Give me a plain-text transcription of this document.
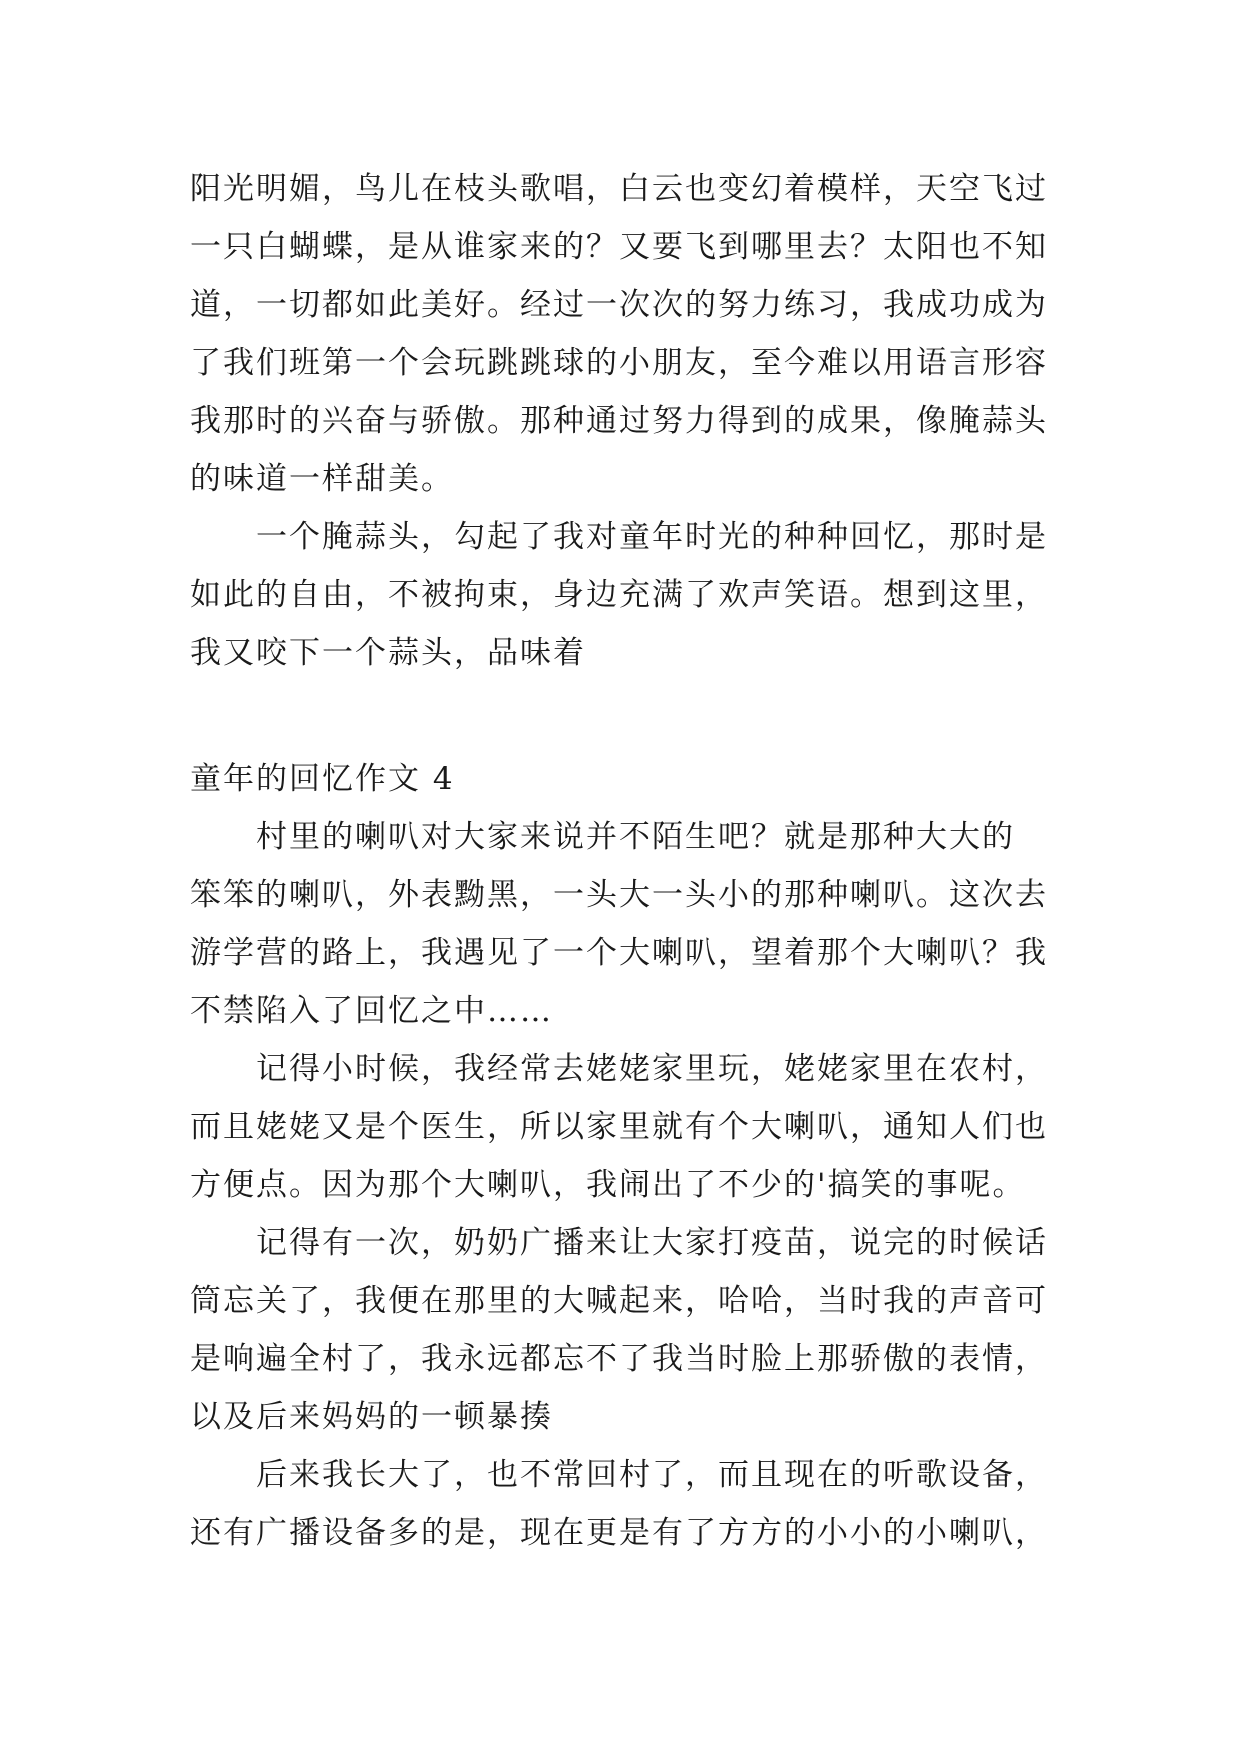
阳光明媚，鸟儿在枝头歌唱，白云也变幻着模样，天空飞过
一只白蝴蝶，是从谁家来的？又要飞到哪里去？太阳也不知
道，一切都如此美好。经过一次次的努力练习，我成功成为
了我们班第一个会玩跳跳球的小朋友，至今难以用语言形容
我那时的兴奋与骄傲。那种通过努力得到的成果，像腌蒜头
的味道一样甜美。
　　一个腌蒜头，勾起了我对童年时光的种种回忆，那时是
如此的自由，不被拘束，身边充满了欢声笑语。想到这里，
我又咬下一个蒜头，品味着
童年的回忆作文 4
　　村里的喇叭对大家来说并不陌生吧？就是那种大大的
笨笨的喇叭，外表黝黑，一头大一头小的那种喇叭。这次去
游学营的路上，我遇见了一个大喇叭，望着那个大喇叭？我
不禁陷入了回忆之中……
　　记得小时候，我经常去姥姥家里玩，姥姥家里在农村，
而且姥姥又是个医生，所以家里就有个大喇叭，通知人们也
方便点。因为那个大喇叭，我闹出了不少的'搞笑的事呢。
　　记得有一次，奶奶广播来让大家打疫苗，说完的时候话
筒忘关了，我便在那里的大喊起来，哈哈，当时我的声音可
是响遍全村了，我永远都忘不了我当时脸上那骄傲的表情，
以及后来妈妈的一顿暴揍
　　后来我长大了，也不常回村了，而且现在的听歌设备，
还有广播设备多的是，现在更是有了方方的小小的小喇叭，
